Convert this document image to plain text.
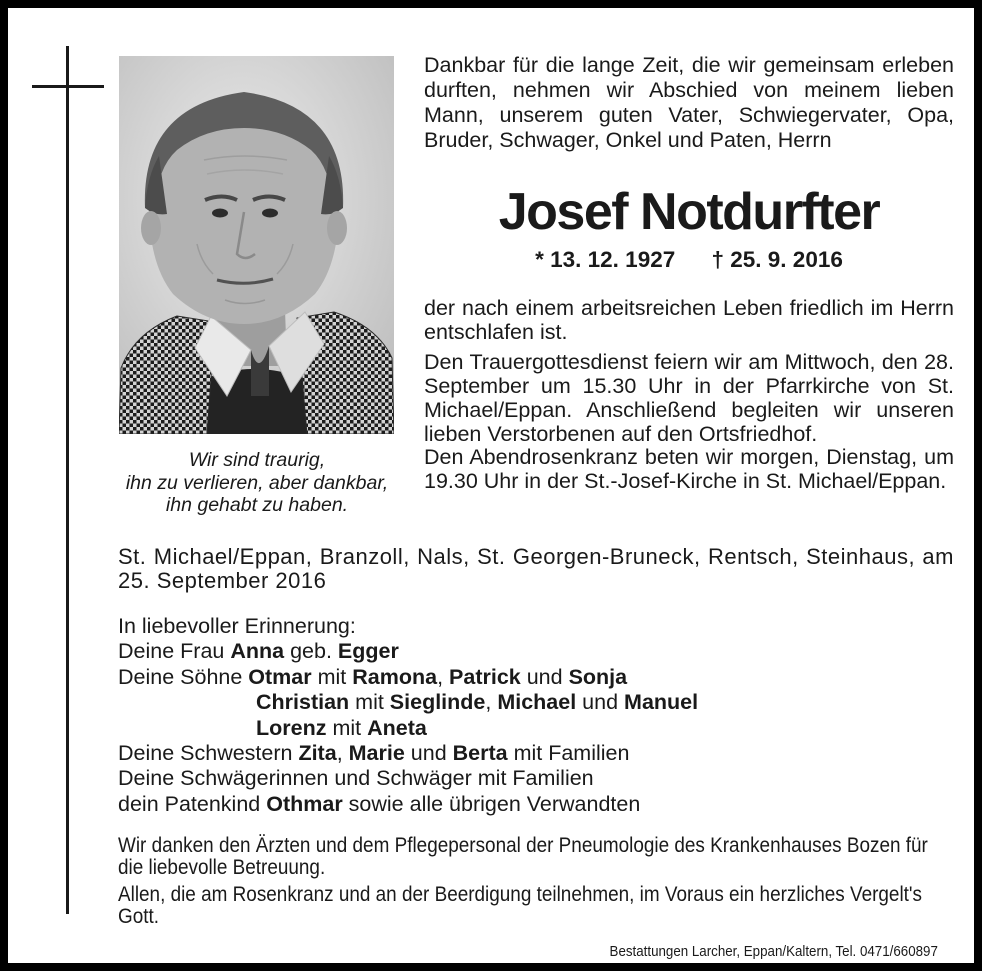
Wir sind traurig,
ihn zu verlieren, aber dankbar,
ihn gehabt zu haben.
Dankbar für die lange Zeit, die wir gemeinsam erleben durften, nehmen wir Abschied von meinem lieben Mann, unserem guten Vater, Schwiegervater, Opa, Bruder, Schwager, Onkel und Paten, Herrn
Josef Notdurfter
* 13. 12. 1927 † 25. 9. 2016
der nach einem arbeitsreichen Leben friedlich im Herrn entschlafen ist.
Den Trauergottesdienst feiern wir am Mittwoch, den 28. September um 15.30 Uhr in der Pfarrkirche von St. Michael/Eppan. Anschließend begleiten wir unseren lieben Verstorbenen auf den Ortsfriedhof.
Den Abendrosenkranz beten wir morgen, Dienstag, um 19.30 Uhr in der St.-Josef-Kirche in St. Michael/Eppan.
St. Michael/Eppan, Branzoll, Nals, St. Georgen-Bruneck, Rentsch, Steinhaus, am 25. September 2016
In liebevoller Erinnerung:
Deine Frau Anna geb. Egger
Deine Söhne Otmar mit Ramona, Patrick und Sonja
Christian mit Sieglinde, Michael und Manuel
Lorenz mit Aneta
Deine Schwestern Zita, Marie und Berta mit Familien
Deine Schwägerinnen und Schwäger mit Familien
dein Patenkind Othmar sowie alle übrigen Verwandten
Wir danken den Ärzten und dem Pflegepersonal der Pneumologie des Krankenhauses Bozen für die liebevolle Betreuung.
Allen, die am Rosenkranz und an der Beerdigung teilnehmen, im Voraus ein herzliches Vergelt's Gott.
Bestattungen Larcher, Eppan/Kaltern, Tel. 0471/660897
